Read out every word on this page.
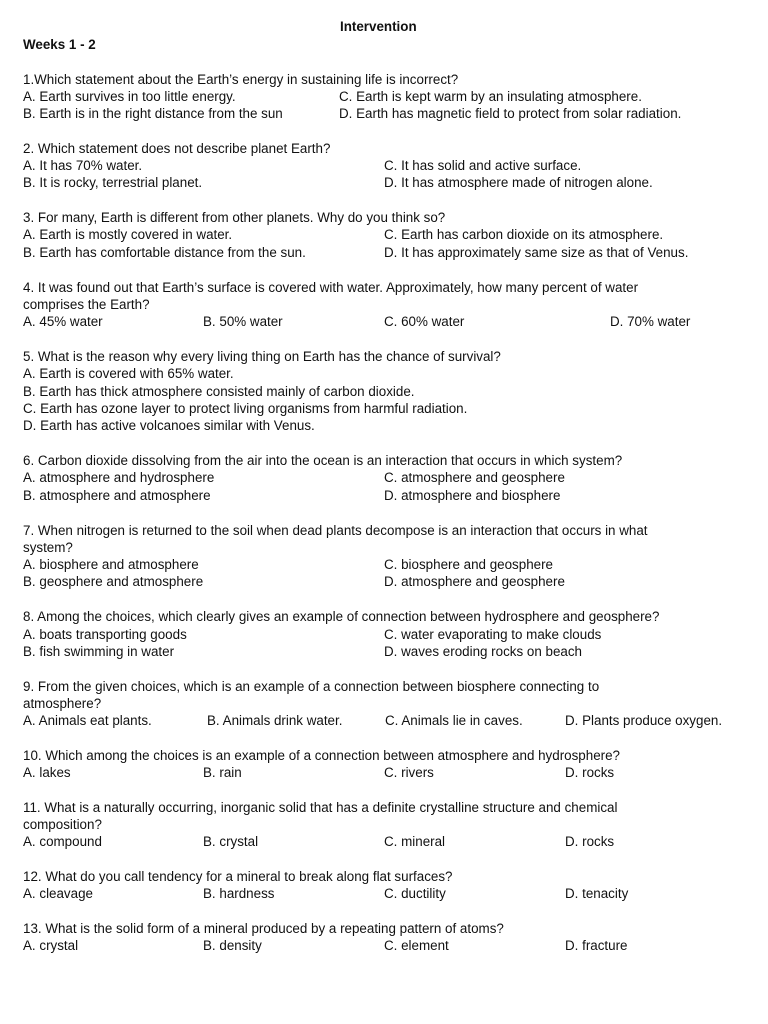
Intervention
Weeks 1 - 2
1.Which statement about the Earth’s energy in sustaining life is incorrect?
A. Earth survives in too little energy.	C. Earth is kept warm by an insulating atmosphere.
B. Earth is in the right distance from the sun	D. Earth has magnetic field to protect from solar radiation.
2. Which statement does not describe planet Earth?
A. It has 70% water.	C. It has solid and active surface.
B. It is rocky, terrestrial planet.	D. It has atmosphere made of nitrogen alone.
3. For many, Earth is different from other planets. Why do you think so?
A. Earth is mostly covered in water.	C. Earth has carbon dioxide on its atmosphere.
B. Earth has comfortable distance from the sun.	D. It has approximately same size as that of Venus.
4. It was found out that Earth’s surface is covered with water. Approximately, how many percent of water
comprises the Earth?
A. 45% water	B. 50% water	C. 60% water	D. 70% water
5. What is the reason why every living thing on Earth has the chance of survival?
A. Earth is covered with 65% water.
B. Earth has thick atmosphere consisted mainly of carbon dioxide.
C. Earth has ozone layer to protect living organisms from harmful radiation.
D. Earth has active volcanoes similar with Venus.
6. Carbon dioxide dissolving from the air into the ocean is an interaction that occurs in which system?
A. atmosphere and hydrosphere	C. atmosphere and geosphere
B. atmosphere and atmosphere	D. atmosphere and biosphere
7. When nitrogen is returned to the soil when dead plants decompose is an interaction that occurs in what
system?
A. biosphere and atmosphere	C. biosphere and geosphere
B. geosphere and atmosphere	D. atmosphere and geosphere
8. Among the choices, which clearly gives an example of connection between hydrosphere and geosphere?
A. boats transporting goods	C. water evaporating to make clouds
B. fish swimming in water	D. waves eroding rocks on beach
9. From the given choices, which is an example of a connection between biosphere connecting to
atmosphere?
A. Animals eat plants.	B. Animals drink water.	C. Animals lie in caves.	D. Plants produce oxygen.
10. Which among the choices is an example of a connection between atmosphere and hydrosphere?
A. lakes	B. rain	C. rivers	D. rocks
11. What is a naturally occurring, inorganic solid that has a definite crystalline structure and chemical
composition?
A. compound	B. crystal	C. mineral	D. rocks
12. What do you call tendency for a mineral to break along flat surfaces?
A. cleavage	B. hardness	C. ductility	D. tenacity
13. What is the solid form of a mineral produced by a repeating pattern of atoms?
A. crystal	B. density	C. element	D. fracture
